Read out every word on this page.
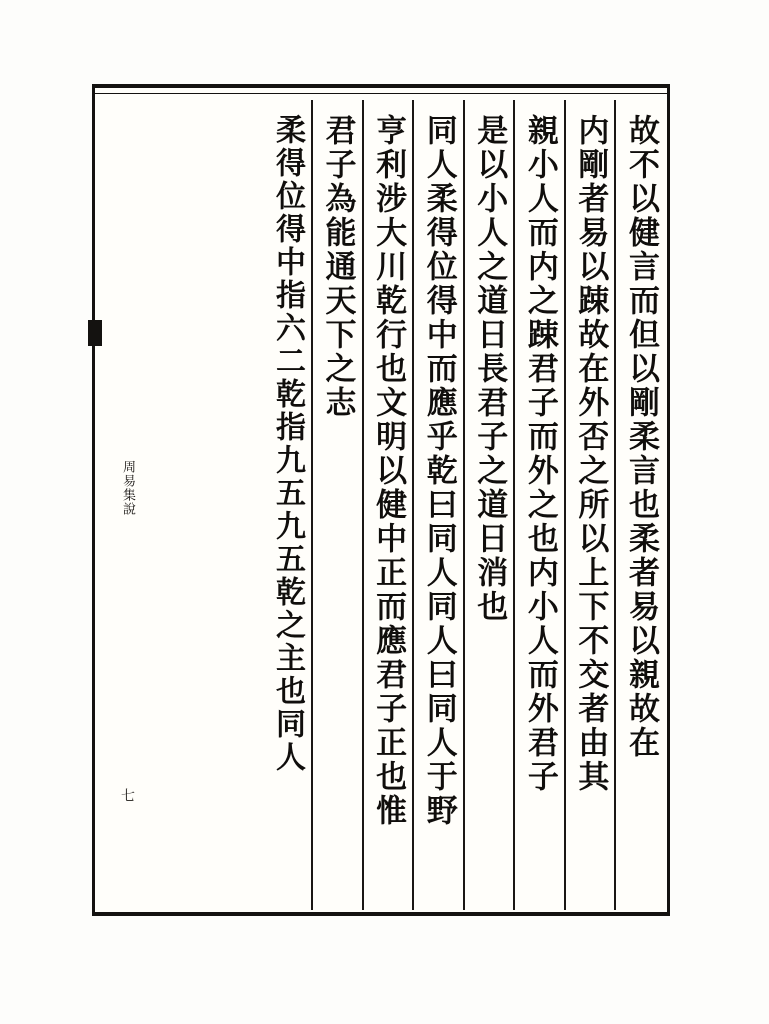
故不以健言而但以剛柔言也柔者易以親故在
内剛者易以踈故在外否之所以上下不交者由其
親小人而内之踈君子而外之也内小人而外君子
是以小人之道日長君子之道日消也
同人柔得位得中而應乎乾曰同人同人曰同人于野
亨利涉大川乾行也文明以健中正而應君子正也惟
君子為能通天下之志
柔得位得中指六二乾指九五九五乾之主也同人
周易集說
七
